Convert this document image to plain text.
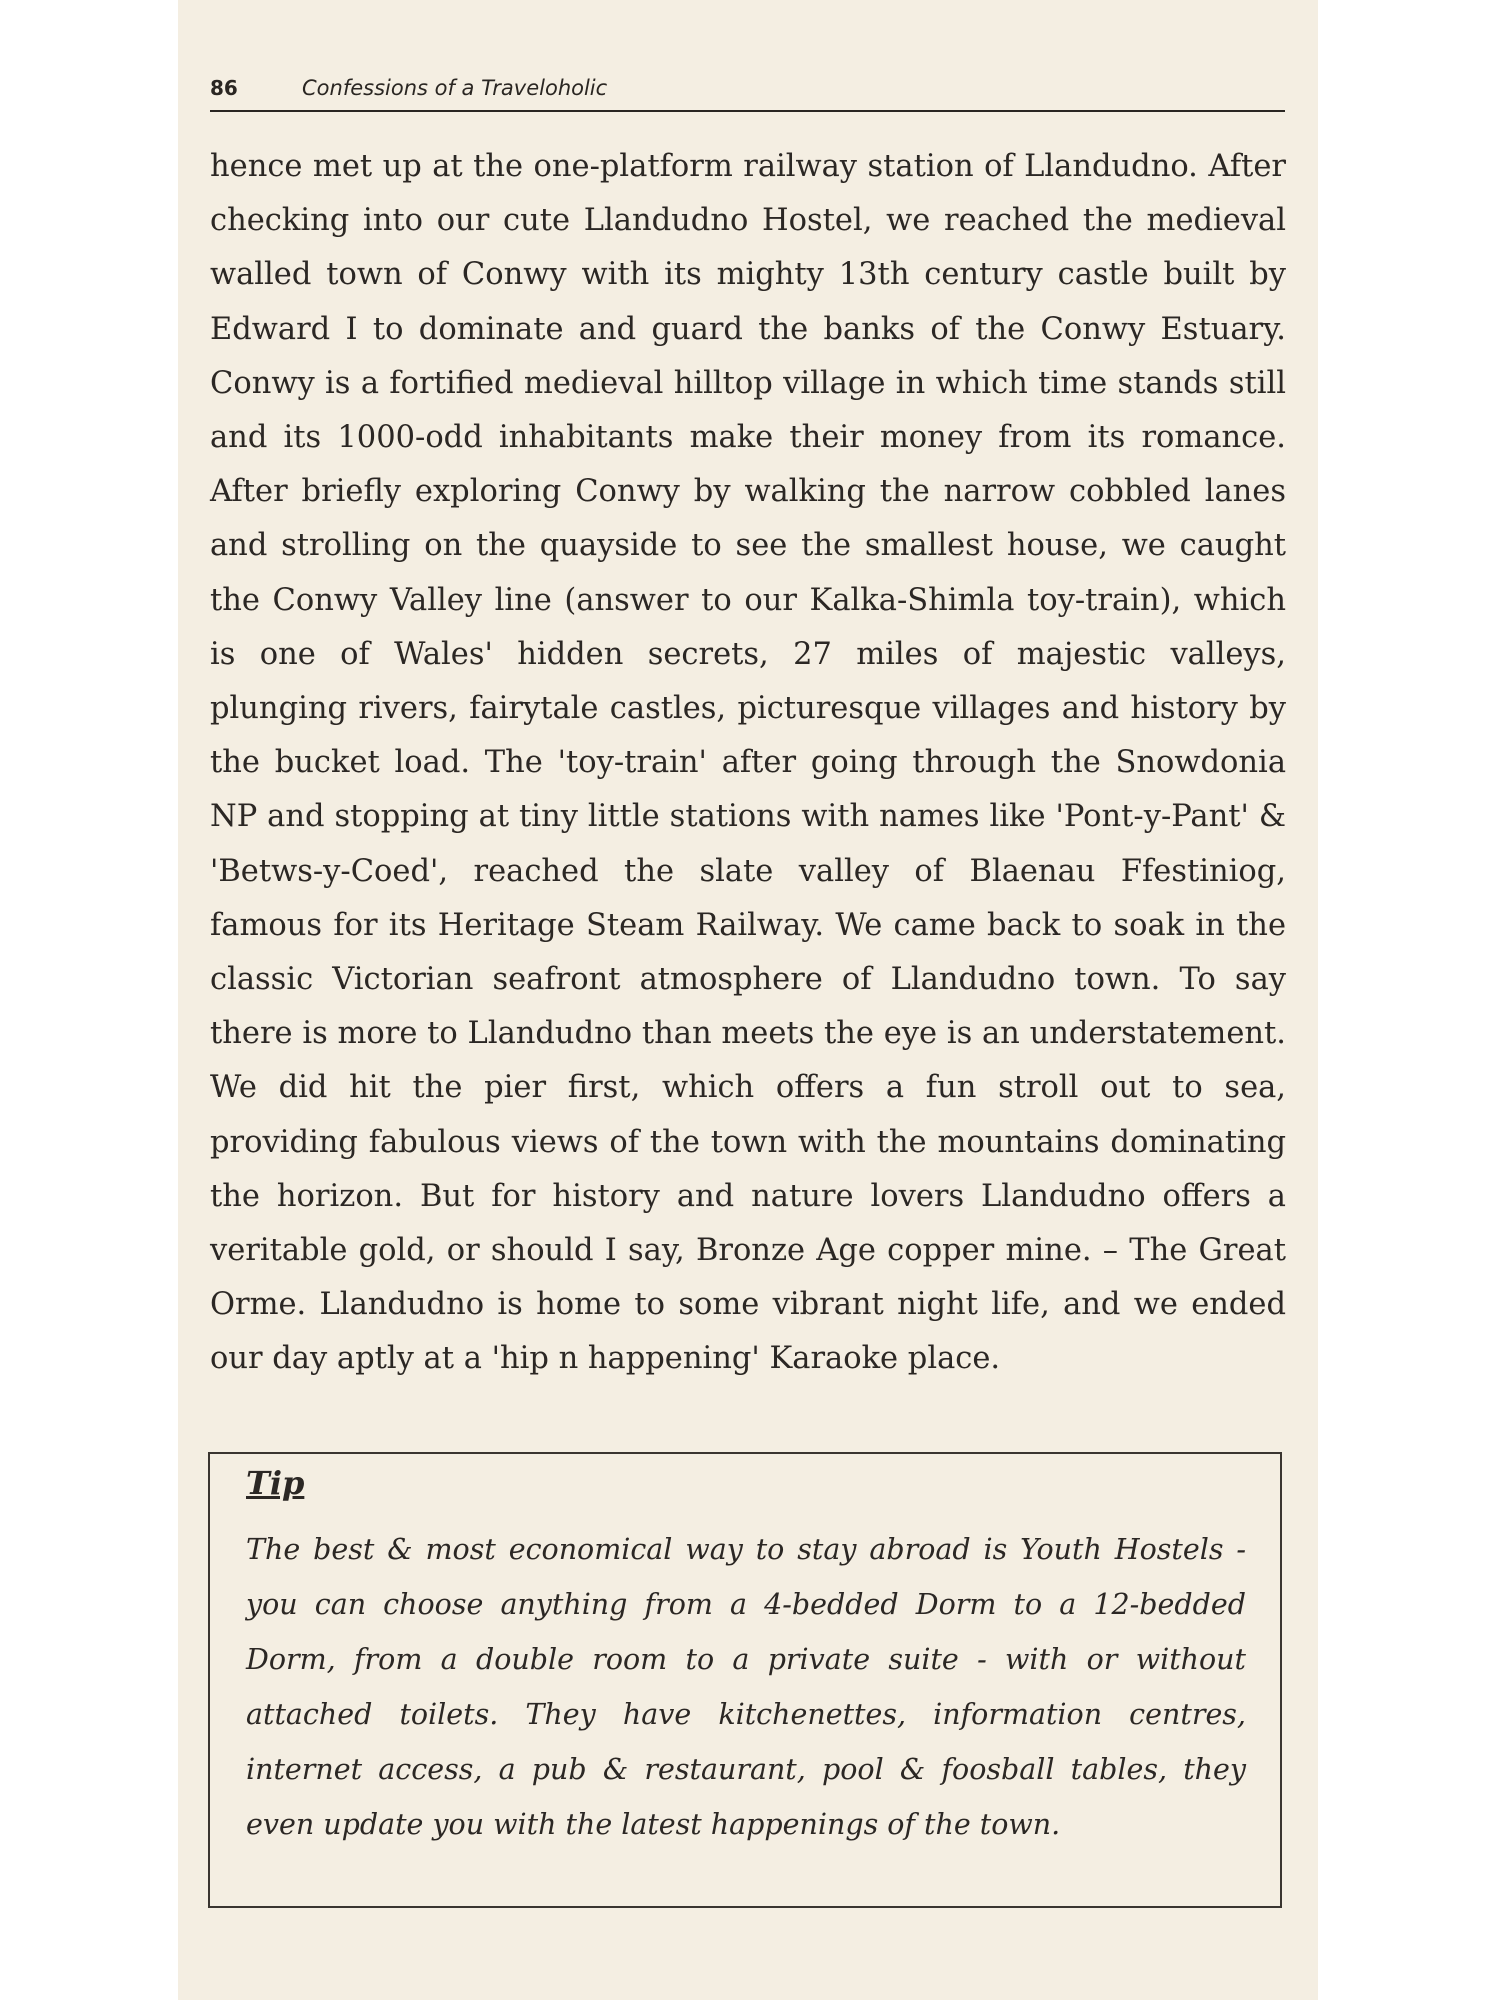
86	Confessions of a Traveloholic

hence met up at the one-platform railway station of Llandudno. After checking into our cute Llandudno Hostel, we reached the medieval walled town of Conwy with its mighty 13th century castle built by Edward I to dominate and guard the banks of the Conwy Estuary. Conwy is a fortified medieval hilltop village in which time stands still and its 1000-odd inhabitants make their money from its romance. After briefly exploring Conwy by walking the narrow cobbled lanes and strolling on the quayside to see the smallest house, we caught the Conwy Valley line (answer to our Kalka-Shimla toy-train), which is one of Wales' hidden secrets, 27 miles of majestic valleys, plunging rivers, fairytale castles, picturesque villages and history by the bucket load. The 'toy-train' after going through the Snowdonia NP and stopping at tiny little stations with names like 'Pont-y-Pant' & 'Betws-y-Coed', reached the slate valley of Blaenau Ffestiniog, famous for its Heritage Steam Railway. We came back to soak in the classic Victorian seafront atmosphere of Llandudno town. To say there is more to Llandudno than meets the eye is an understatement. We did hit the pier first, which offers a fun stroll out to sea, providing fabulous views of the town with the mountains dominating the horizon. But for history and nature lovers Llandudno offers a veritable gold, or should I say, Bronze Age copper mine. – The Great Orme. Llandudno is home to some vibrant night life, and we ended our day aptly at a 'hip n happening' Karaoke place.

Tip

The best & most economical way to stay abroad is Youth Hostels - you can choose anything from a 4-bedded Dorm to a 12-bedded Dorm, from a double room to a private suite - with or without attached toilets. They have kitchenettes, information centres, internet access, a pub & restaurant, pool & foosball tables, they even update you with the latest happenings of the town.
